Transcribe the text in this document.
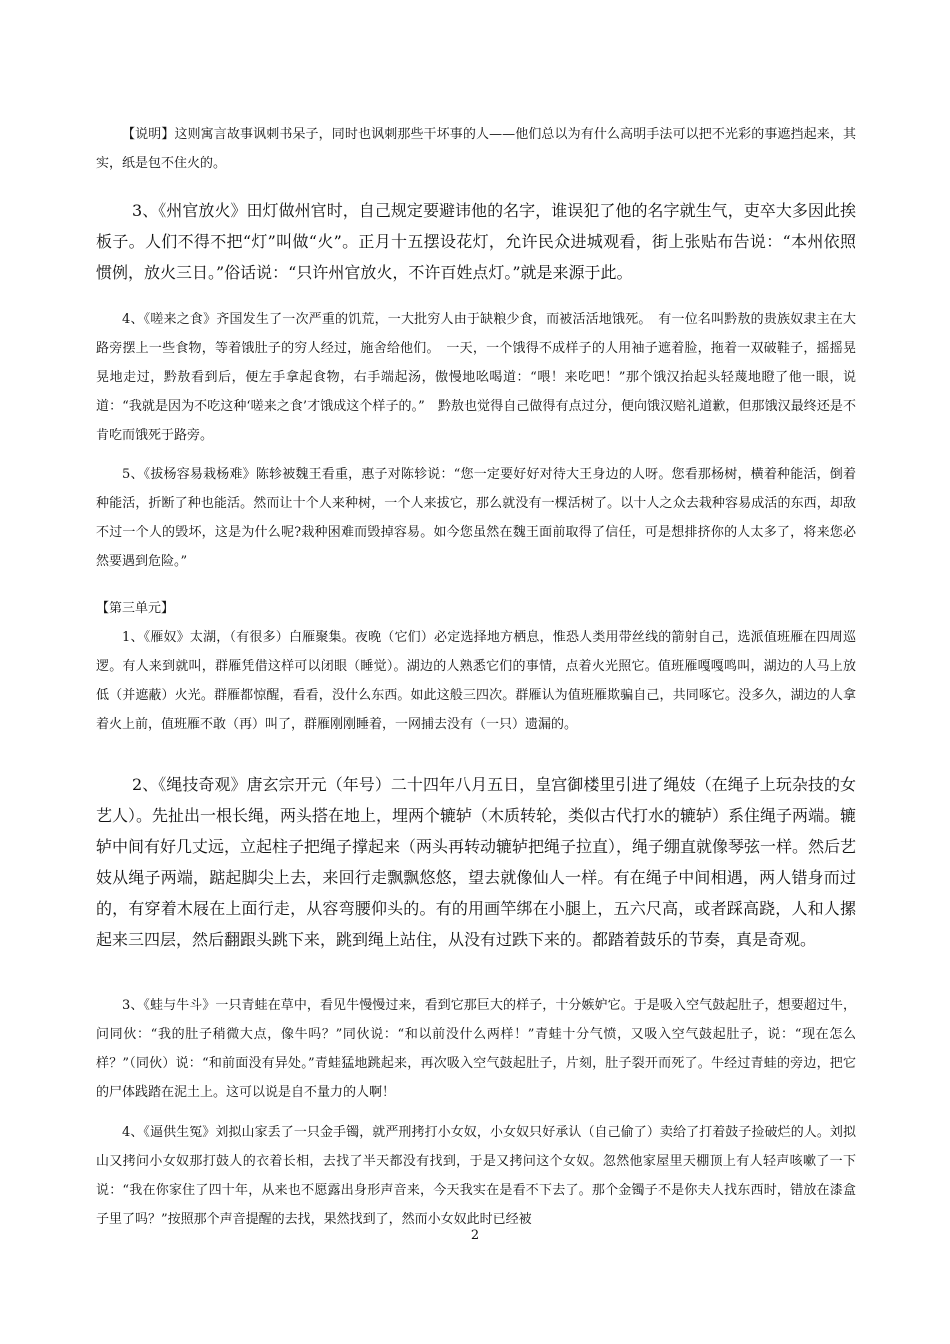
【说明】这则寓言故事讽刺书呆子，同时也讽刺那些干坏事的人——他们总以为有什么高明手法可以把不光彩的事遮挡起来，其实，纸是包不住火的。

3、《州官放火》田灯做州官时，自己规定要避讳他的名字，谁误犯了他的名字就生气，吏卒大多因此挨板子。人们不得不把“灯”叫做“火”。正月十五摆设花灯，允许民众进城观看，街上张贴布告说：“本州依照惯例，放火三日。”俗话说：“只许州官放火，不许百姓点灯。”就是来源于此。

4、《嗟来之食》齐国发生了一次严重的饥荒，一大批穷人由于缺粮少食，而被活活地饿死。　有一位名叫黔敖的贵族奴隶主在大路旁摆上一些食物，等着饿肚子的穷人经过，施舍给他们。　一天，一个饿得不成样子的人用袖子遮着脸，拖着一双破鞋子，摇摇晃晃地走过，黔敖看到后，便左手拿起食物，右手端起汤，傲慢地吆喝道：“喂！来吃吧！”那个饿汉抬起头轻蔑地瞪了他一眼，说道：“我就是因为不吃这种‘嗟来之食’才饿成这个样子的。”　黔敖也觉得自己做得有点过分，便向饿汉赔礼道歉，但那饿汉最终还是不肯吃而饿死于路旁。

5、《拔杨容易栽杨难》陈轸被魏王看重，惠子对陈轸说：“您一定要好好对待大王身边的人呀。您看那杨树，横着种能活，倒着种能活，折断了种也能活。然而让十个人来种树，一个人来拔它，那么就没有一棵活树了。以十人之众去栽种容易成活的东西，却敌不过一个人的毁坏，这是为什么呢?栽种困难而毁掉容易。如今您虽然在魏王面前取得了信任，可是想排挤你的人太多了，将来您必然要遇到危险。”

【第三单元】

1、《雁奴》太湖，（有很多）白雁聚集。夜晚（它们）必定选择地方栖息，惟恐人类用带丝线的箭射自己，选派值班雁在四周巡逻。有人来到就叫，群雁凭借这样可以闭眼（睡觉）。湖边的人熟悉它们的事情，点着火光照它。值班雁嘎嘎鸣叫，湖边的人马上放低（并遮蔽）火光。群雁都惊醒，看看，没什么东西。如此这般三四次。群雁认为值班雁欺骗自己，共同啄它。没多久，湖边的人拿着火上前，值班雁不敢（再）叫了，群雁刚刚睡着，一网捕去没有（一只）遗漏的。

2、《绳技奇观》唐玄宗开元（年号）二十四年八月五日，皇宫御楼里引进了绳妓（在绳子上玩杂技的女艺人）。先扯出一根长绳，两头搭在地上，埋两个辘轳（木质转轮，类似古代打水的辘轳）系住绳子两端。辘轳中间有好几丈远，立起柱子把绳子撑起来（两头再转动辘轳把绳子拉直），绳子绷直就像琴弦一样。然后艺妓从绳子两端，踮起脚尖上去，来回行走飘飘悠悠，望去就像仙人一样。有在绳子中间相遇，两人错身而过的，有穿着木屐在上面行走，从容弯腰仰头的。有的用画竿绑在小腿上，五六尺高，或者踩高跷，人和人摞起来三四层，然后翻跟头跳下来，跳到绳上站住，从没有过跌下来的。都踏着鼓乐的节奏，真是奇观。

3、《蛙与牛斗》一只青蛙在草中，看见牛慢慢过来，看到它那巨大的样子，十分嫉妒它。于是吸入空气鼓起肚子，想要超过牛，问同伙：“我的肚子稍微大点，像牛吗？”同伙说：“和以前没什么两样！”青蛙十分气愤，又吸入空气鼓起肚子，说：“现在怎么样？”（同伙）说：“和前面没有异处。”青蛙猛地跳起来，再次吸入空气鼓起肚子，片刻，肚子裂开而死了。牛经过青蛙的旁边，把它的尸体践踏在泥土上。这可以说是自不量力的人啊！

4、《逼供生冤》刘拟山家丢了一只金手镯，就严刑拷打小女奴，小女奴只好承认（自己偷了）卖给了打着鼓子捡破烂的人。刘拟山又拷问小女奴那打鼓人的衣着长相，去找了半天都没有找到，于是又拷问这个女奴。忽然他家屋里天棚顶上有人轻声咳嗽了一下说：“我在你家住了四十年，从来也不愿露出身形声音来，今天我实在是看不下去了。那个金镯子不是你夫人找东西时，错放在漆盒子里了吗？”按照那个声音提醒的去找，果然找到了，然而小女奴此时已经被

2
